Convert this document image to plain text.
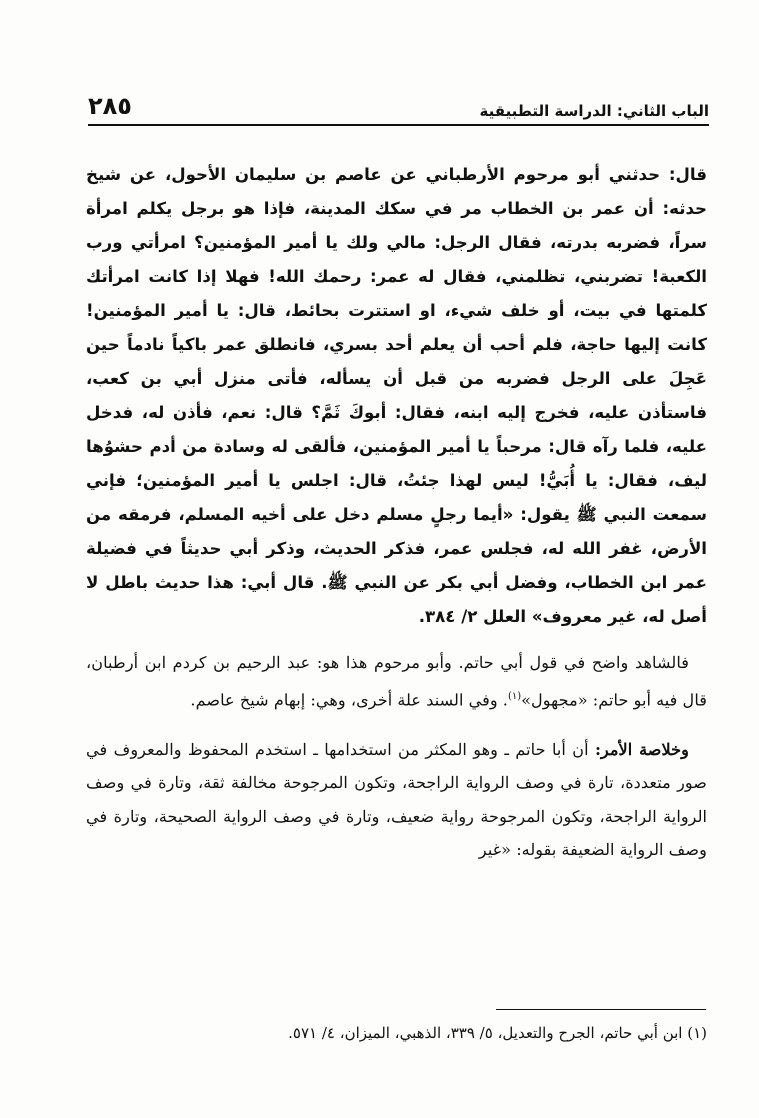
الباب الثاني: الدراسة التطبيقية
٢٨٥

قال: حدثني أبو مرحوم الأرطباني عن عاصم بن سليمان الأحول، عن شيخ حدثه: أن عمر بن الخطاب مر في سكك المدينة، فإذا هو برجل يكلم امرأة سراً، فضربه بدرته، فقال الرجل: مالي ولك يا أمير المؤمنين؟ امرأتي ورب الكعبة! تضربني، تظلمني، فقال له عمر: رحمك الله! فهلا إذا كانت امرأتك كلمتها في بيت، أو خلف شيء، او استترت بحائط، قال: يا أمير المؤمنين! كانت إليها حاجة، فلم أحب أن يعلم أحد بسري، فانطلق عمر باكياً نادماً حين عَجِلَ على الرجل فضربه من قبل أن يسأله، فأتى منزل أبي بن كعب، فاستأذن عليه، فخرج إليه ابنه، فقال: أبوكَ ثَمَّ؟ قال: نعم، فأذن له، فدخل عليه، فلما رآه قال: مرحباً يا أمير المؤمنين، فألقى له وسادة من أدم حشوُها ليف، فقال: يا أُبَيُّ! ليس لهذا جئتُ، قال: اجلس يا أمير المؤمنين؛ فإني سمعت النبي ﷺ يقول: «أيما رجلٍ مسلم دخل على أخيه المسلم، فرمقه من الأرض، غفر الله له، فجلس عمر، فذكر الحديث، وذكر أبي حديثاً في فضيلة عمر ابن الخطاب، وفضل أبي بكر عن النبي ﷺ. قال أبي: هذا حديث باطل لا أصل له، غير معروف» العلل ٢/ ٣٨٤.

فالشاهد واضح في قول أبي حاتم. وأبو مرحوم هذا هو: عبد الرحيم بن كردم ابن أرطبان، قال فيه أبو حاتم: «مجهول»$^{(١)}$. وفي السند علة أخرى، وهي: إبهام شيخ عاصم.

وخلاصة الأمر: أن أبا حاتم ـ وهو المكثر من استخدامها ـ استخدم المحفوظ والمعروف في صور متعددة، تارة في وصف الرواية الراجحة، وتكون المرجوحة مخالفة ثقة، وتارة في وصف الرواية الراجحة، وتكون المرجوحة رواية ضعيف، وتارة في وصف الرواية الصحيحة، وتارة في وصف الرواية الضعيفة بقوله: «غير

(١) ابن أبي حاتم، الجرح والتعديل، ٥/ ٣٣٩، الذهبي، الميزان، ٤/ ٥٧١.
